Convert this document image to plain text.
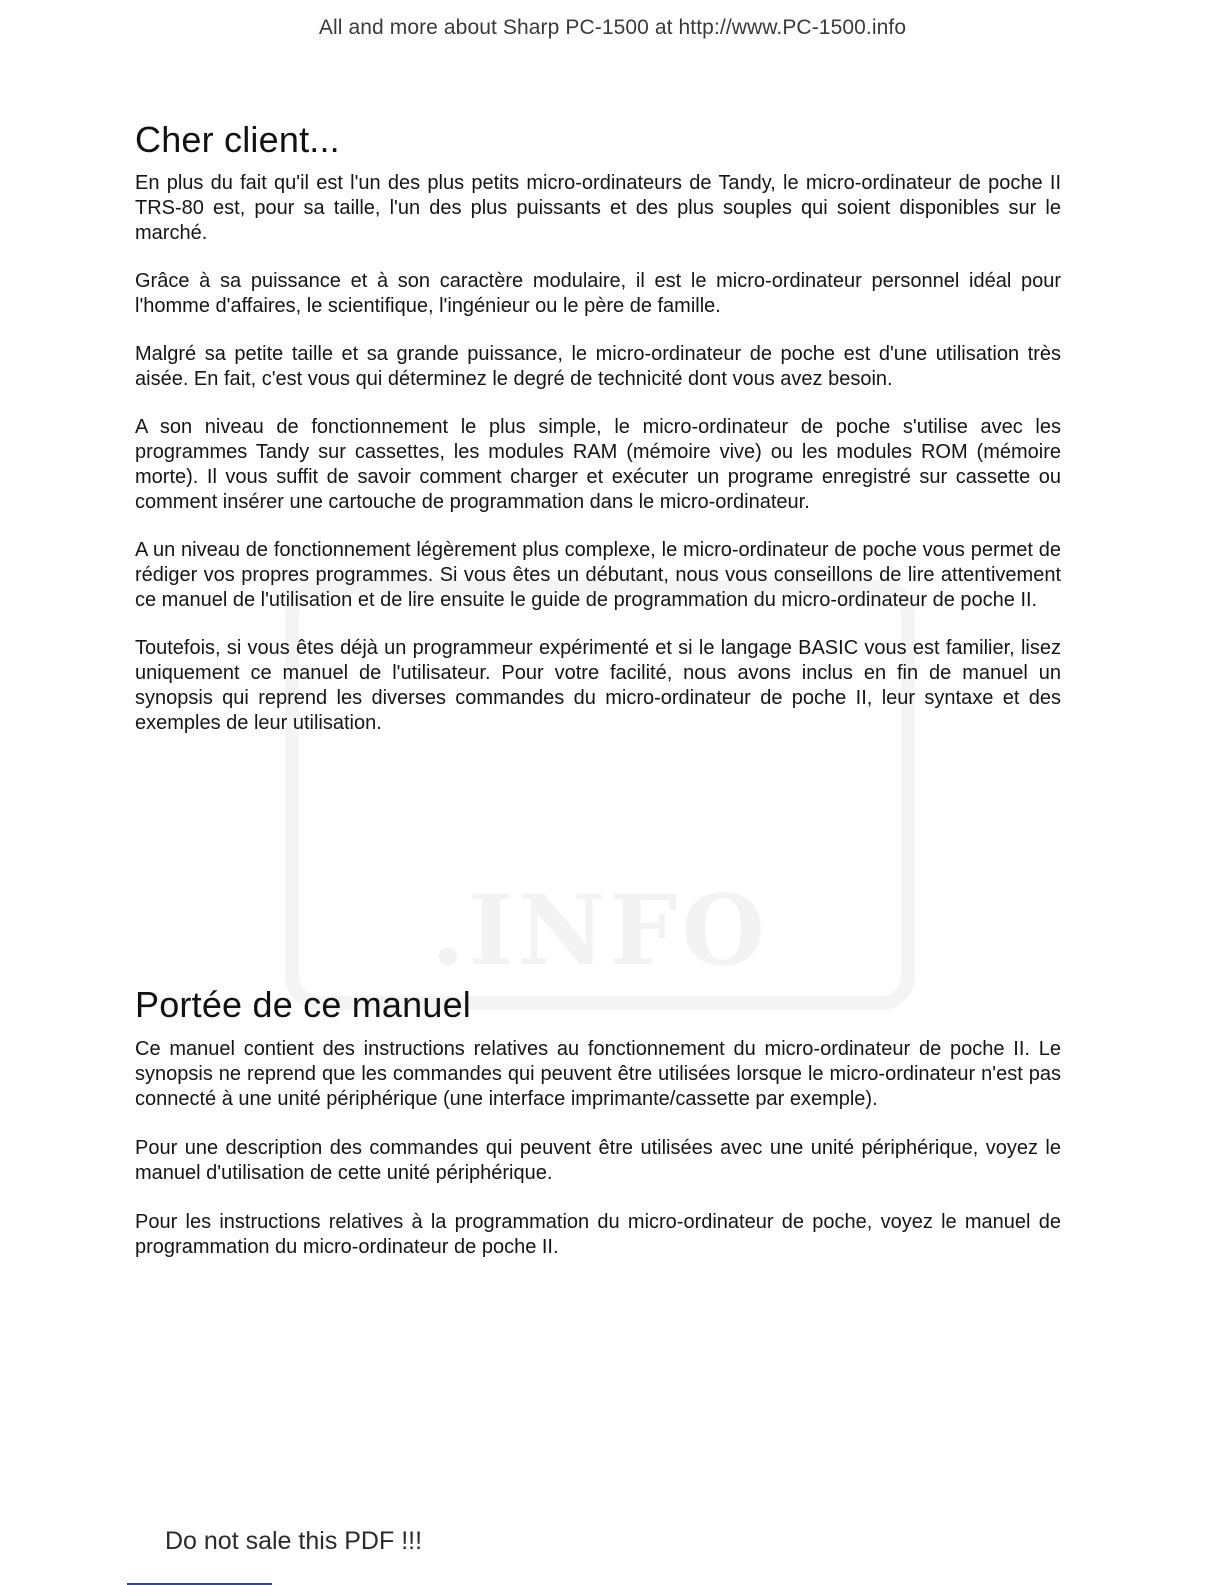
All and more about Sharp PC-1500 at http://www.PC-1500.info
.INFO
Cher client...

En plus du fait qu'il est l'un des plus petits micro-ordinateurs de Tandy, le micro-ordinateur de poche II TRS-80 est, pour sa taille, l'un des plus puissants et des plus souples qui soient disponibles sur le marché.

Grâce à sa puissance et à son caractère modulaire, il est le micro-ordinateur personnel idéal pour l'homme d'affaires, le scientifique, l'ingénieur ou le père de famille.

Malgré sa petite taille et sa grande puissance, le micro-ordinateur de poche est d'une utilisation très aisée. En fait, c'est vous qui déterminez le degré de technicité dont vous avez besoin.

A son niveau de fonctionnement le plus simple, le micro-ordinateur de poche s'utilise avec les programmes Tandy sur cassettes, les modules RAM (mémoire vive) ou les modules ROM (mémoire morte). Il vous suffit de savoir comment charger et exécuter un programe enregistré sur cassette ou comment insérer une cartouche de programmation dans le micro-ordinateur.

A un niveau de fonctionnement légèrement plus complexe, le micro-ordinateur de poche vous permet de rédiger vos propres programmes. Si vous êtes un débutant, nous vous conseillons de lire attentivement ce manuel de l'utilisation et de lire ensuite le guide de programmation du micro-ordinateur de poche II.

Toutefois, si vous êtes déjà un programmeur expérimenté et si le langage BASIC vous est familier, lisez uniquement ce manuel de l'utilisateur. Pour votre facilité, nous avons inclus en fin de manuel un synopsis qui reprend les diverses commandes du micro-ordinateur de poche II, leur syntaxe et des exemples de leur utilisation.

Portée de ce manuel

Ce manuel contient des instructions relatives au fonctionnement du micro-ordinateur de poche II. Le synopsis ne reprend que les commandes qui peuvent être utilisées lorsque le micro-ordinateur n'est pas connecté à une unité périphérique (une interface imprimante/cassette par exemple).

Pour une description des commandes qui peuvent être utilisées avec une unité périphérique, voyez le manuel d'utilisation de cette unité périphérique.

Pour les instructions relatives à la programmation du micro-ordinateur de poche, voyez le manuel de programmation du micro-ordinateur de poche II.

Do not sale this PDF !!!
